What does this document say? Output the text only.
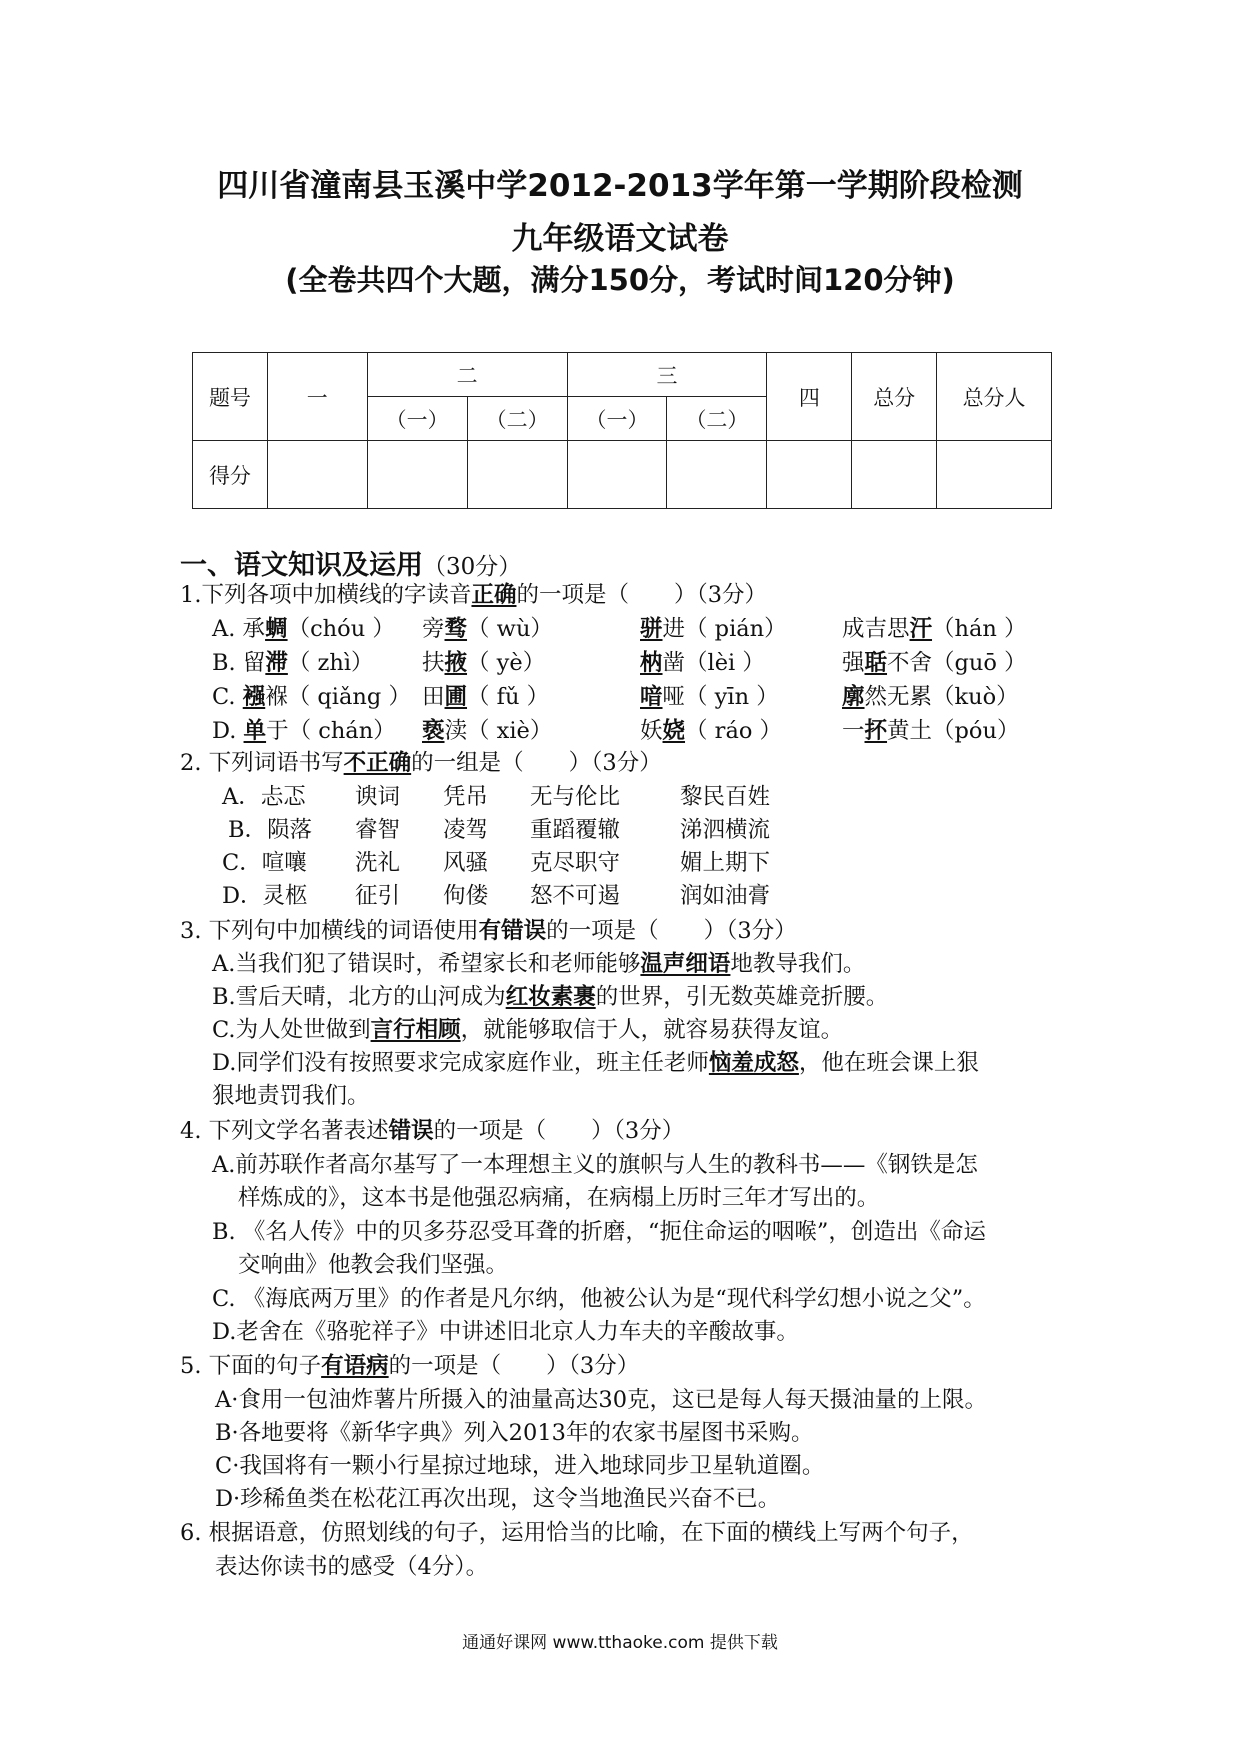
四川省潼南县玉溪中学2012-2013学年第一学期阶段检测
九年级语文试卷
(全卷共四个大题，满分150分，考试时间120分钟)
题号	一	二		三		四	总分	总分人
		（一）	（二）	（一）	（二）			
得分								
一、语文知识及运用（30分）
1.下列各项中加横线的字读音正确的一项是（　　）（3分）
A. 承蜩（chóu ） 旁骛（ wù）	骈进（ pián） 成吉思汗（hán ）
B. 留滞（ zhì） 扶掖（ yè）	枘凿（lèi ）	强聒不舍（guō ）
C. 襁褓（ qiǎng ） 田圃（ fǔ ）	喑哑（ yīn ）	廓然无累（kuò）
D. 单于（ chán） 亵渎（ xiè）	妖娆（ ráo ）	一抔黄土（póu）
2. 下列词语书写不正确的一组是（　　）（3分）
A．忐忑 谀词 凭吊 无与伦比	黎民百姓
B．陨落 睿智 凌驾 重蹈覆辙	涕泗横流
C．喧嚷 洗礼 风骚 克尽职守	媚上期下
D．灵柩 征引 佝偻 怒不可遏	润如油膏
3. 下列句中加横线的词语使用有错误的一项是（　　）（3分）
A.当我们犯了错误时，希望家长和老师能够温声细语地教导我们。
B.雪后天晴，北方的山河成为红妆素裹的世界，引无数英雄竞折腰。
C.为人处世做到言行相顾，就能够取信于人，就容易获得友谊。
D.同学们没有按照要求完成家庭作业，班主任老师恼羞成怒，他在班会课上狠
狠地责罚我们。
4. 下列文学名著表述错误的一项是（　　）（3分）
A.前苏联作者高尔基写了一本理想主义的旗帜与人生的教科书——《钢铁是怎
样炼成的》，这本书是他强忍病痛，在病榻上历时三年才写出的。
B. 《名人传》中的贝多芬忍受耳聋的折磨，“扼住命运的咽喉”，创造出《命运
交响曲》他教会我们坚强。
C. 《海底两万里》的作者是凡尔纳，他被公认为是“现代科学幻想小说之父”。
D.老舍在《骆驼祥子》中讲述旧北京人力车夫的辛酸故事。
5. 下面的句子有语病的一项是（　　）（3分）
A·食用一包油炸薯片所摄入的油量高达30克，这已是每人每天摄油量的上限。
B·各地要将《新华字典》列入2013年的农家书屋图书采购。
C·我国将有一颗小行星掠过地球，进入地球同步卫星轨道圈。
D·珍稀鱼类在松花江再次出现，这令当地渔民兴奋不已。
6. 根据语意，仿照划线的句子，运用恰当的比喻，在下面的横线上写两个句子，
表达你读书的感受（4分）。
通通好课网 www.tthaoke.com 提供下载
